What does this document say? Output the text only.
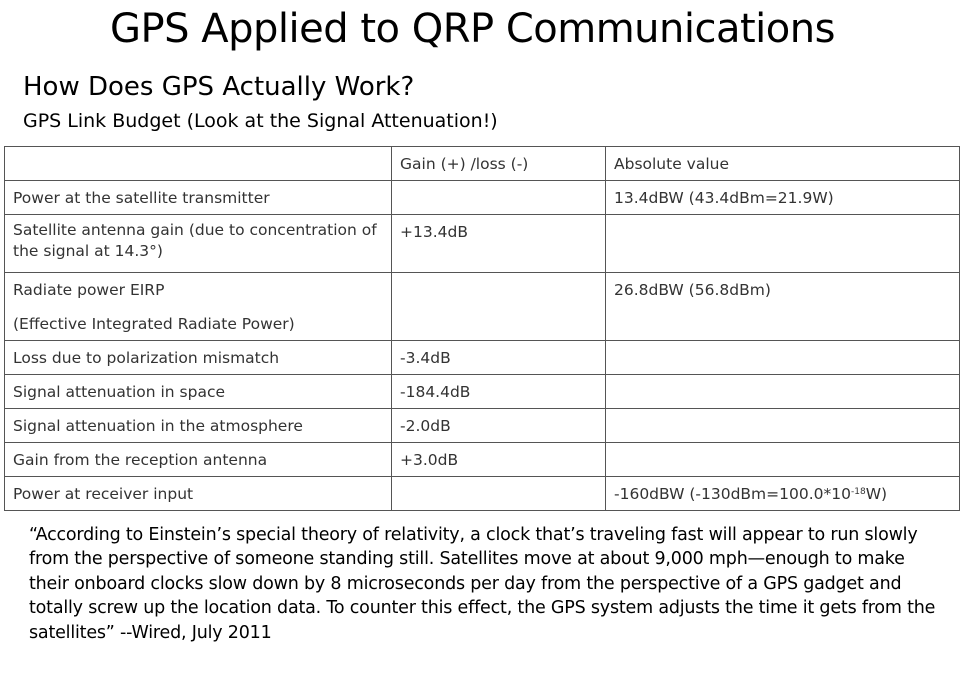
GPS Applied to QRP Communications
How Does GPS Actually Work?
GPS Link Budget (Look at the Signal Attenuation!)
	Gain (+) /loss (-)	Absolute value
Power at the satellite transmitter		13.4dBW (43.4dBm=21.9W)
Satellite antenna gain (due to concentration of the signal at 14.3°)	+13.4dB	

Radiate power EIRP
(Effective Integrated Radiate Power)		26.8dBW (56.8dBm)
Loss due to polarization mismatch	-3.4dB	
Signal attenuation in space	-184.4dB	
Signal attenuation in the atmosphere	-2.0dB	
Gain from the reception antenna	+3.0dB	
Power at receiver input		-160dBW $(-130dBm=100.0*10^{-18}W)$
“According to Einstein’s special theory of relativity, a clock that’s traveling fast will appear to run slowly from the perspective of someone standing still. Satellites move at about 9,000 mph—enough to make their onboard clocks slow down by 8 microseconds per day from the perspective of a GPS gadget and totally screw up the location data. To counter this effect, the GPS system adjusts the time it gets from the satellites” --Wired, July 2011
